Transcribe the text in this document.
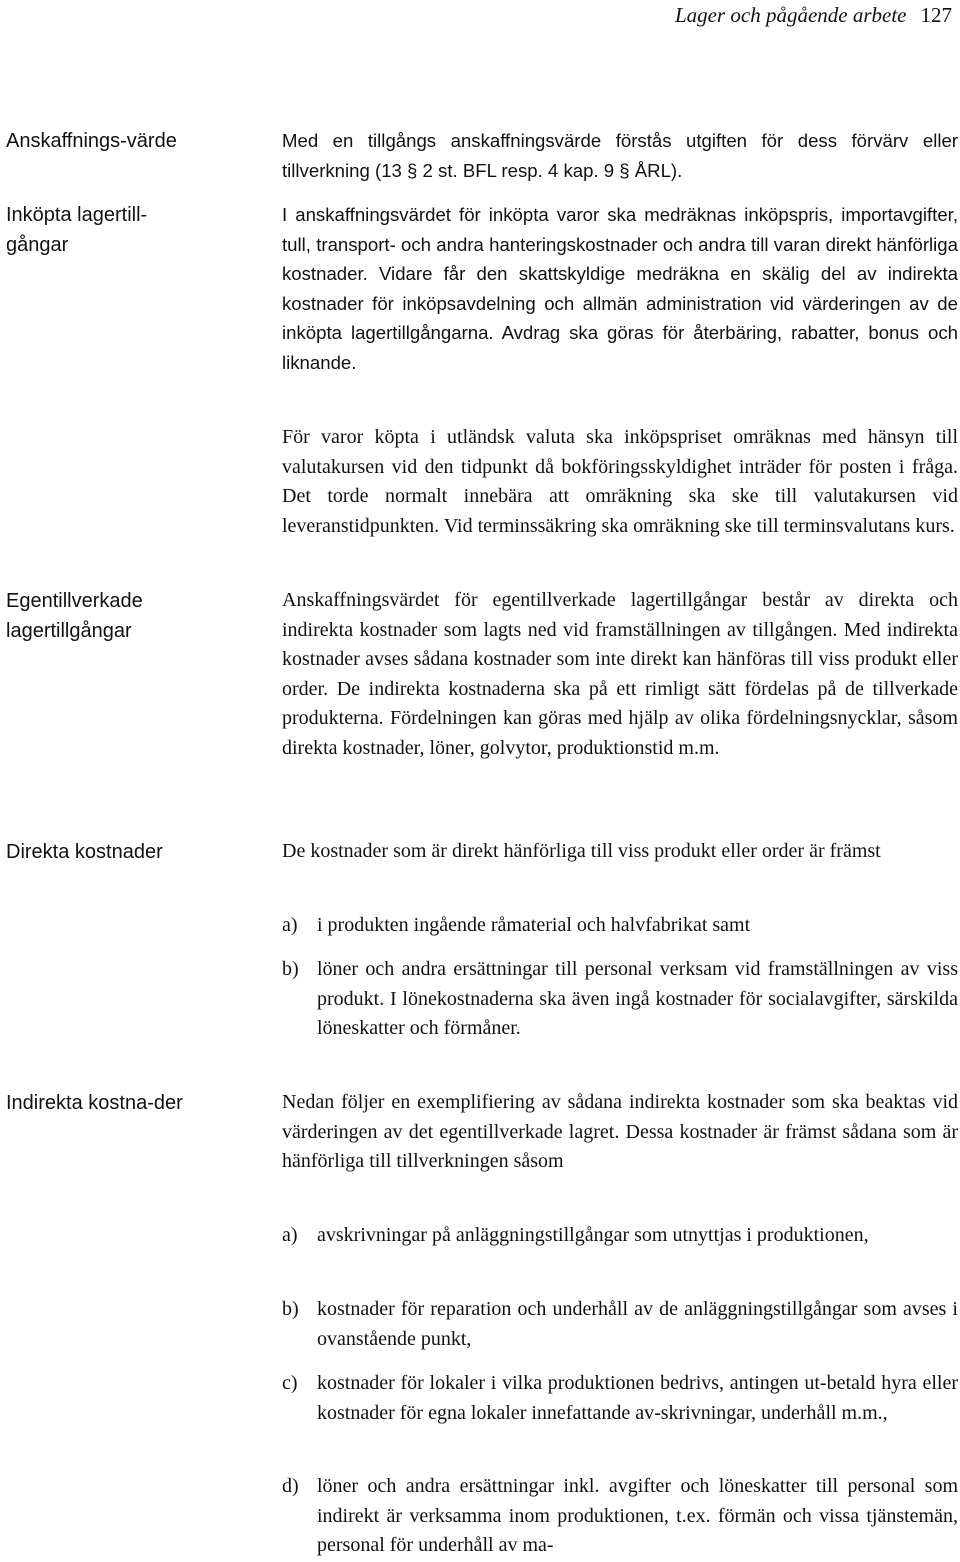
Lager och pågående arbete 127
Anskaffnings-värde
Inköpta lagertill-gångar
Egentillverkade lagertillgångar
Direkta kostnader
Indirekta kostna-der
Med en tillgångs anskaffningsvärde förstås utgiften för dess förvärv eller tillverkning (13 § 2 st. BFL resp. 4 kap. 9 § ÅRL).
I anskaffningsvärdet för inköpta varor ska medräknas inköpspris, importavgifter, tull, transport- och andra hanteringskostnader och andra till varan direkt hänförliga kostnader. Vidare får den skattskyldige medräkna en skälig del av indirekta kostnader för inköpsavdelning och allmän administration vid värderingen av de inköpta lagertillgångarna. Avdrag ska göras för återbäring, rabatter, bonus och liknande.
För varor köpta i utländsk valuta ska inköpspriset omräknas med hänsyn till valutakursen vid den tidpunkt då bokföringsskyldighet inträder för posten i fråga. Det torde normalt innebära att omräkning ska ske till valutakursen vid leveranstidpunkten. Vid terminssäkring ska omräkning ske till terminsvalutans kurs.
Anskaffningsvärdet för egentillverkade lagertillgångar består av direkta och indirekta kostnader som lagts ned vid framställningen av tillgången. Med indirekta kostnader avses sådana kostnader som inte direkt kan hänföras till viss produkt eller order. De indirekta kostnaderna ska på ett rimligt sätt fördelas på de tillverkade produkterna. Fördelningen kan göras med hjälp av olika fördelningsnycklar, såsom direkta kostnader, löner, golvytor, produktionstid m.m.
De kostnader som är direkt hänförliga till viss produkt eller order är främst
a) i produkten ingående råmaterial och halvfabrikat samt
b) löner och andra ersättningar till personal verksam vid framställningen av viss produkt. I lönekostnaderna ska även ingå kostnader för socialavgifter, särskilda löneskatter och förmåner.
Nedan följer en exemplifiering av sådana indirekta kostnader som ska beaktas vid värderingen av det egentillverkade lagret. Dessa kostnader är främst sådana som är hänförliga till tillverkningen såsom
a) avskrivningar på anläggningstillgångar som utnyttjas i produktionen,
b) kostnader för reparation och underhåll av de anläggningstillgångar som avses i ovanstående punkt,
c) kostnader för lokaler i vilka produktionen bedrivs, antingen ut-betald hyra eller kostnader för egna lokaler innefattande av-skrivningar, underhåll m.m.,
d) löner och andra ersättningar inkl. avgifter och löneskatter till personal som indirekt är verksamma inom produktionen, t.ex. förmän och vissa tjänstemän, personal för underhåll av ma-
